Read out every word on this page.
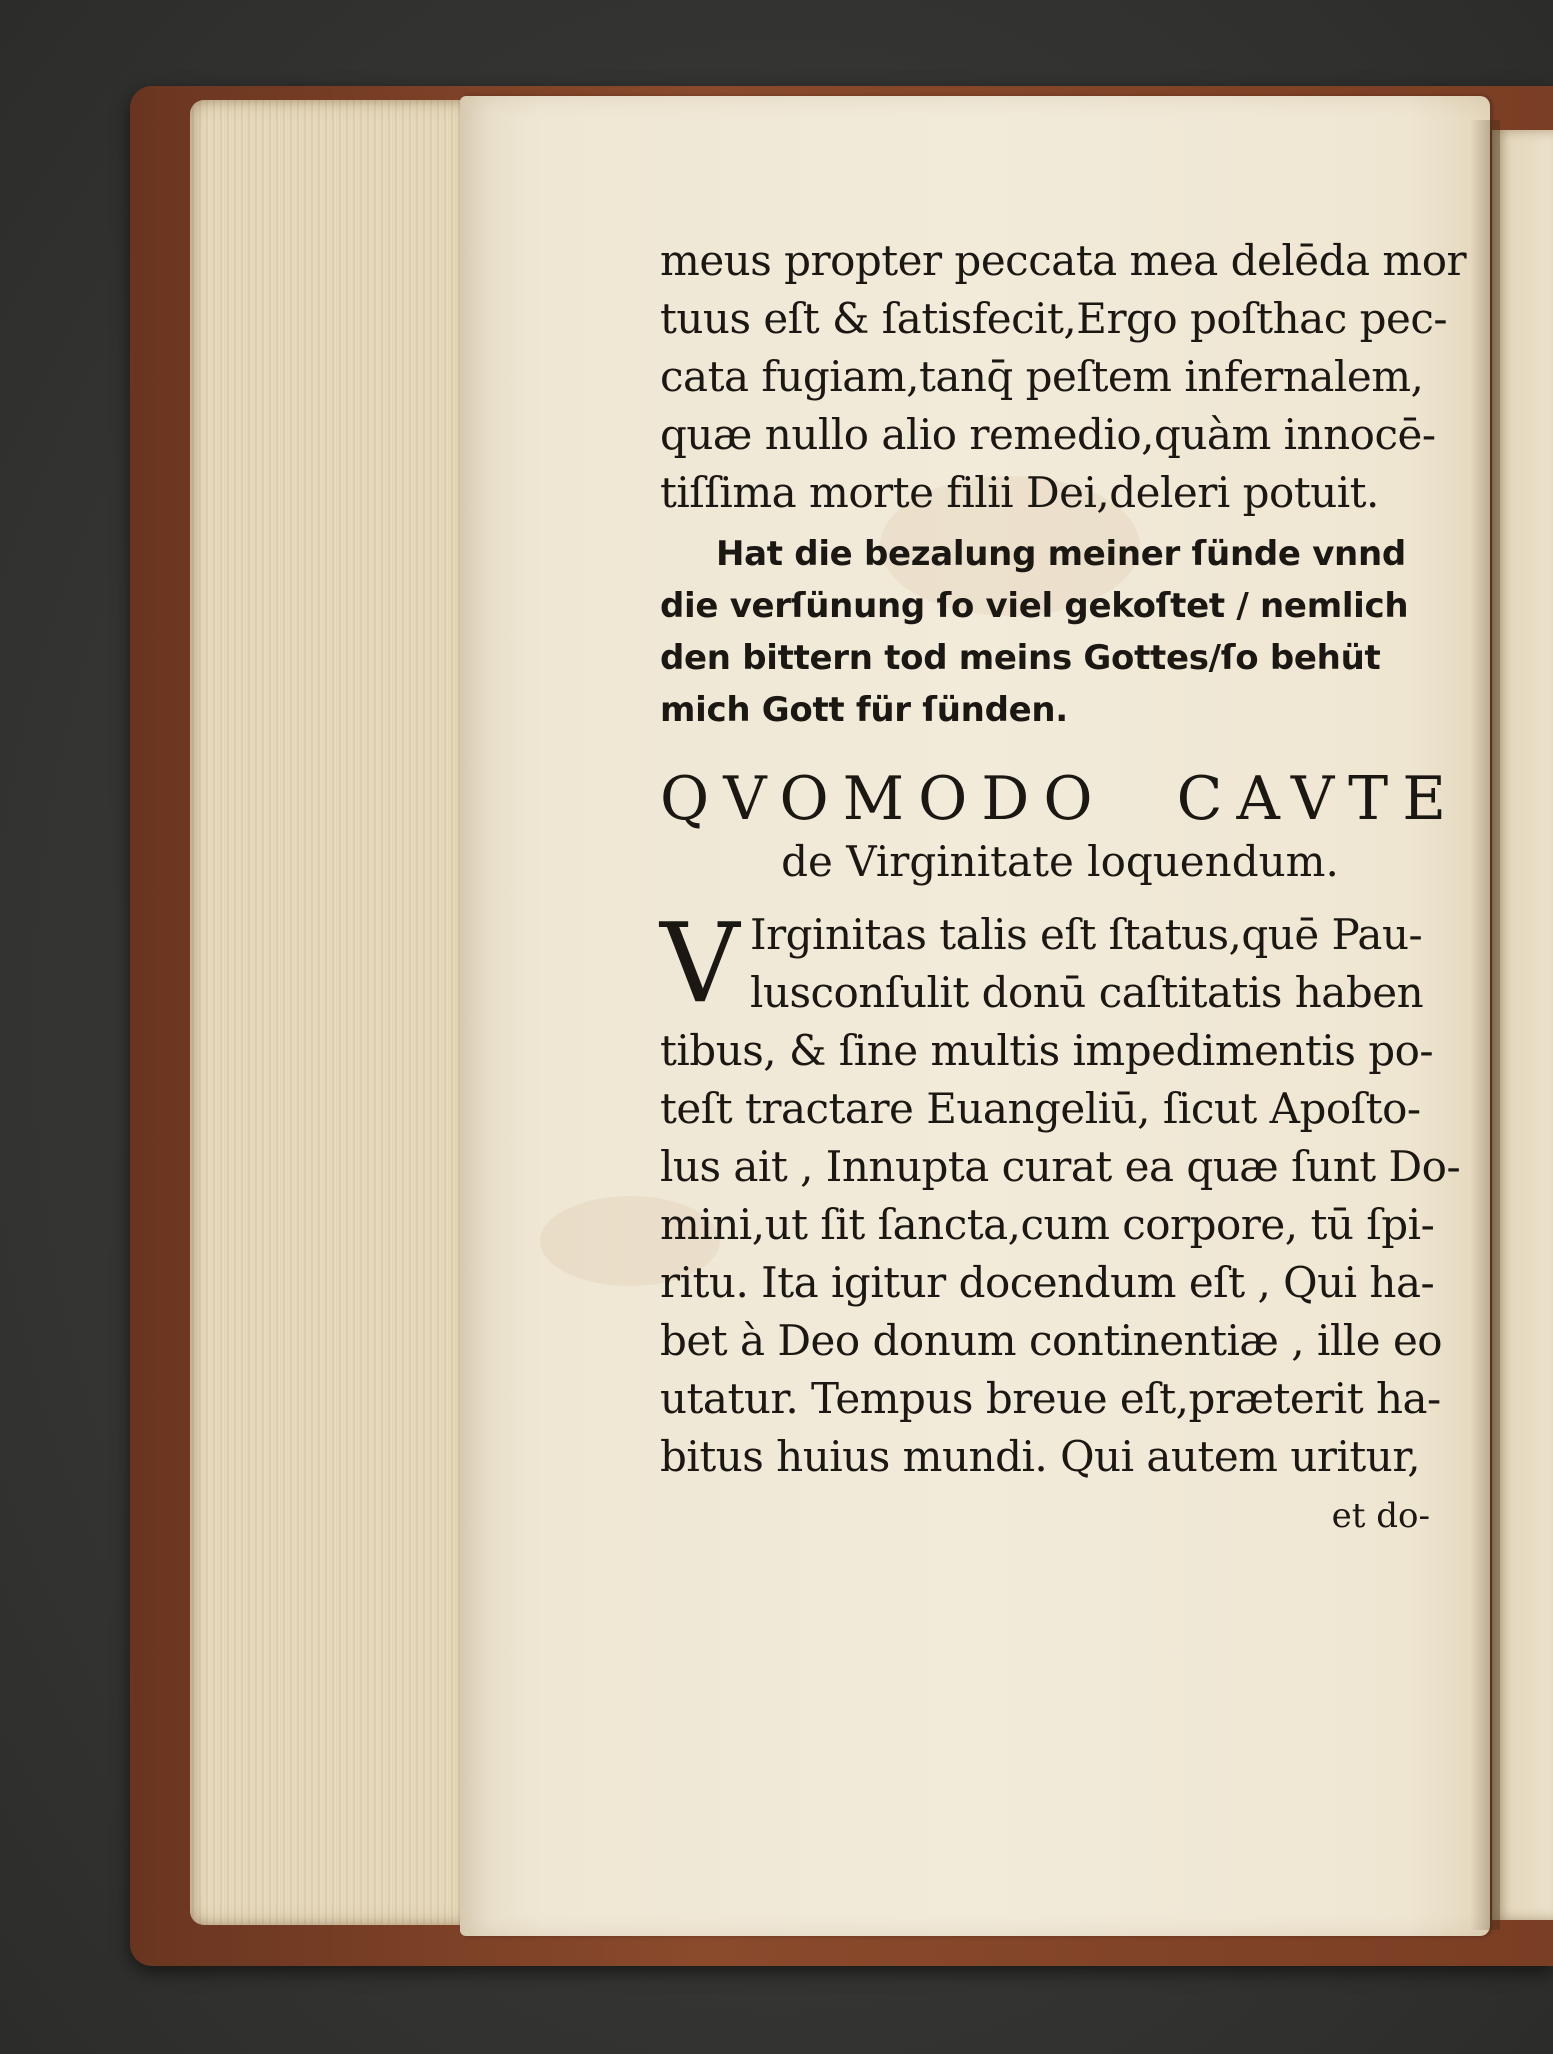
meus propter peccata mea delēda mor
tuus eſt & ſatisfecit,Ergo poſthac pec-
cata fugiam,tanq̄ peſtem infernalem,
quæ nullo alio remedio,quàm innocē-
tiſſima morte filii Dei,deleri potuit.
Hat die bezalung meiner ſünde vnnd
die verſünung ſo viel gekoſtet / nemlich
den bittern tod meins Gottes/ſo behüt
mich Gott für ſünden.
QVOMODO CAVTE
de Virginitate loquendum.
V Irginitas talis eſt ſtatus,quē Pau-
lusconſulit donū caſtitatis haben
tibus, & ſine multis impedimentis po-
teſt tractare Euangeliū, ſicut Apoſto-
lus ait , Innupta curat ea quæ ſunt Do-
mini,ut ſit ſancta,cum corpore, tū ſpi-
ritu. Ita igitur docendum eſt , Qui ha-
bet à Deo donum continentiæ , ille eo
utatur. Tempus breue eſt,præterit ha-
bitus huius mundi. Qui autem uritur,
et do-
